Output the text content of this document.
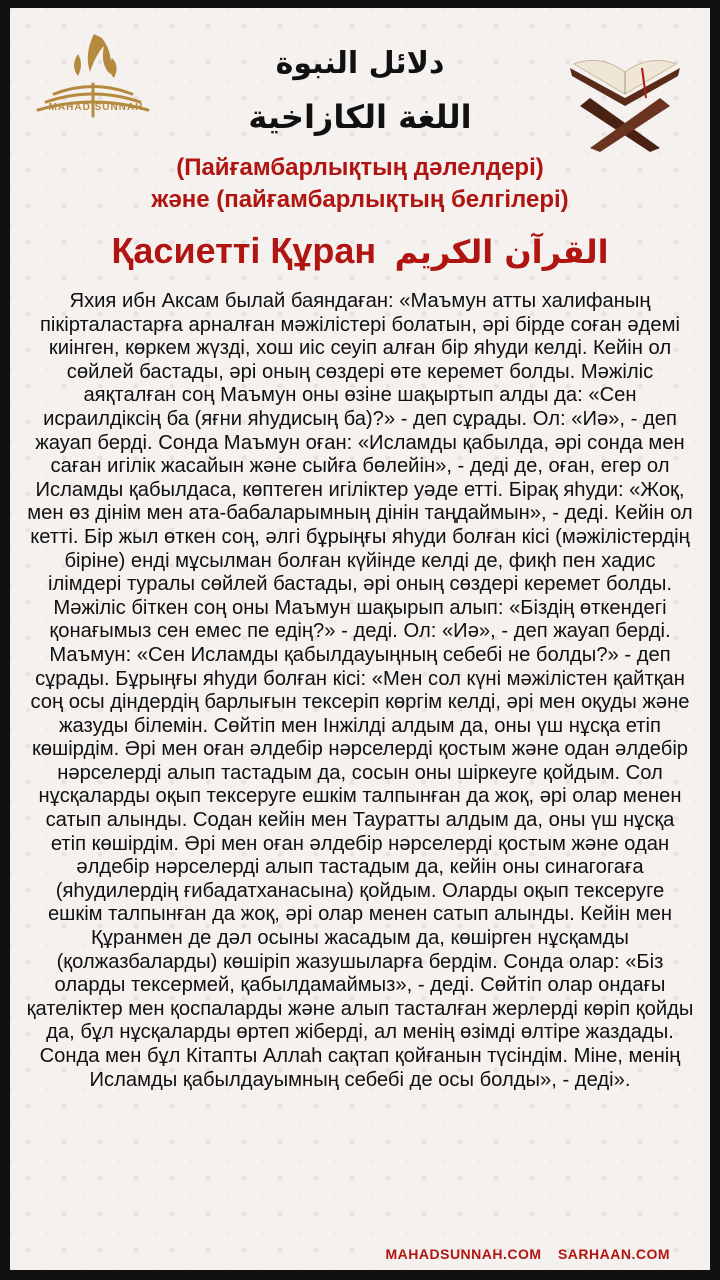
MAHAD SUNNAH
دلائل النبوة
اللغة الكازاخية
(Пайғамбарлықтың дәлелдері)
және (пайғамбарлықтың белгілері)
Қасиетті Құран القرآن الكريم
Яхия ибн Аксам былай баяндаған: «Маъмун атты халифаның пікірталастарға арналған мәжілістері болатын, әрі бірде соған әдемі киінген, көркем жүзді, хош иіс сеуіп алған бір яһуди келді. Кейін ол сөйлей бастады, әрі оның сөздері өте керемет болды. Мәжіліс аяқталған соң Маъмун оны өзіне шақыртып алды да: «Сен исраилдіксің ба (яғни яһудисың ба)?» - деп сұрады. Ол: «Иә», - деп жауап берді. Сонда Маъмун оған: «Исламды қабылда, әрі сонда мен саған игілік жасайын және сыйға бөлейін», - деді де, оған, егер ол Исламды қабылдаса, көптеген игіліктер уәде етті. Бірақ яһуди: «Жоқ, мен өз дінім мен ата-бабаларымның дінін таңдаймын», - деді. Кейін ол кетті. Бір жыл өткен соң, әлгі бұрыңғы яһуди болған кісі (мәжілістердің біріне) енді мұсылман болған күйінде келді де, фиқһ пен хадис ілімдері туралы сөйлей бастады, әрі оның сөздері керемет болды. Мәжіліс біткен соң оны Маъмун шақырып алып: «Біздің өткендегі қонағымыз сен емес пе едің?» - деді. Ол: «Иә», - деп жауап берді. Маъмун: «Сен Исламды қабылдауыңның себебі не болды?» - деп сұрады. Бұрыңғы яһуди болған кісі: «Мен сол күні мәжілістен қайтқан соң осы діндердің барлығын тексеріп көргім келді, әрі мен оқуды және жазуды білемін. Сөйтіп мен Інжілді алдым да, оны үш нұсқа етіп көшірдім. Әрі мен оған әлдебір нәрселерді қостым және одан әлдебір нәрселерді алып тастадым да, сосын оны шіркеуге қойдым. Сол нұсқаларды оқып тексеруге ешкім талпынған да жоқ, әрі олар менен сатып алынды. Содан кейін мен Тауратты алдым да, оны үш нұсқа етіп көшірдім. Әрі мен оған әлдебір нәрселерді қостым және одан әлдебір нәрселерді алып тастадым да, кейін оны синагогаға (яһудилердің ғибадатханасына) қойдым. Оларды оқып тексеруге ешкім талпынған да жоқ, әрі олар менен сатып алынды. Кейін мен Құранмен де дәл осыны жасадым да, көшірген нұсқамды (қолжазбаларды) көшіріп жазушыларға бердім. Сонда олар: «Біз оларды тексермей, қабылдамаймыз», - деді. Сөйтіп олар ондағы қателіктер мен қоспаларды және алып тасталған жерлерді көріп қойды да, бұл нұсқаларды өртеп жіберді, ал менің өзімді өлтіре жаздады. Сонда мен бұл Кітапты Аллаһ сақтап қойғанын түсіндім. Міне, менің Исламды қабылдауымның себебі де осы болды», - деді».
MAHADSUNNAH.COM SARHAAN.COM
